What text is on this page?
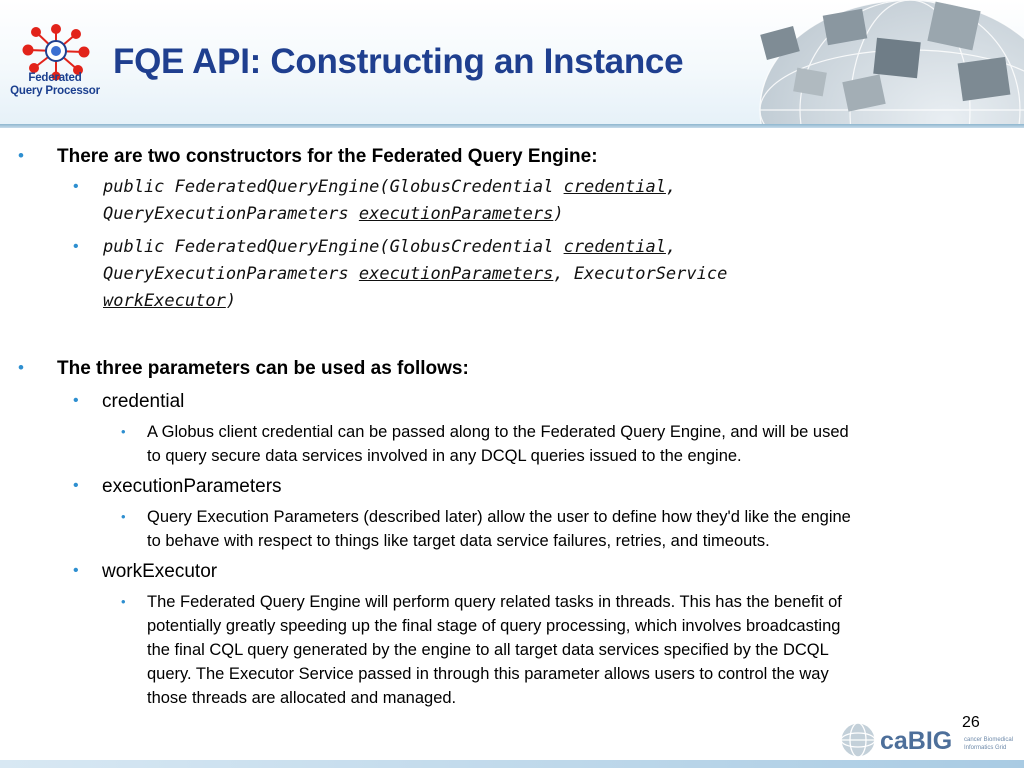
Federated
Query Processor
FQE API: Constructing an Instance
• There are two constructors for the Federated Query Engine:
• public FederatedQueryEngine(GlobusCredential credential,
QueryExecutionParameters executionParameters)
• public FederatedQueryEngine(GlobusCredential credential,
QueryExecutionParameters executionParameters, ExecutorService
workExecutor)
• The three parameters can be used as follows:
• credential
• A Globus client credential can be passed along to the Federated Query Engine, and will be used
to query secure data services involved in any DCQL queries issued to the engine.
• executionParameters
• Query Execution Parameters (described later) allow the user to define how they'd like the engine
to behave with respect to things like target data service failures, retries, and timeouts.
• workExecutor
• The Federated Query Engine will perform query related tasks in threads. This has the benefit of
potentially greatly speeding up the final stage of query processing, which involves broadcasting
the final CQL query generated by the engine to all target data services specified by the DCQL
query. The Executor Service passed in through this parameter allows users to control the way
those threads are allocated and managed.
26
caBIG cancer Biomedical
Informatics Grid
